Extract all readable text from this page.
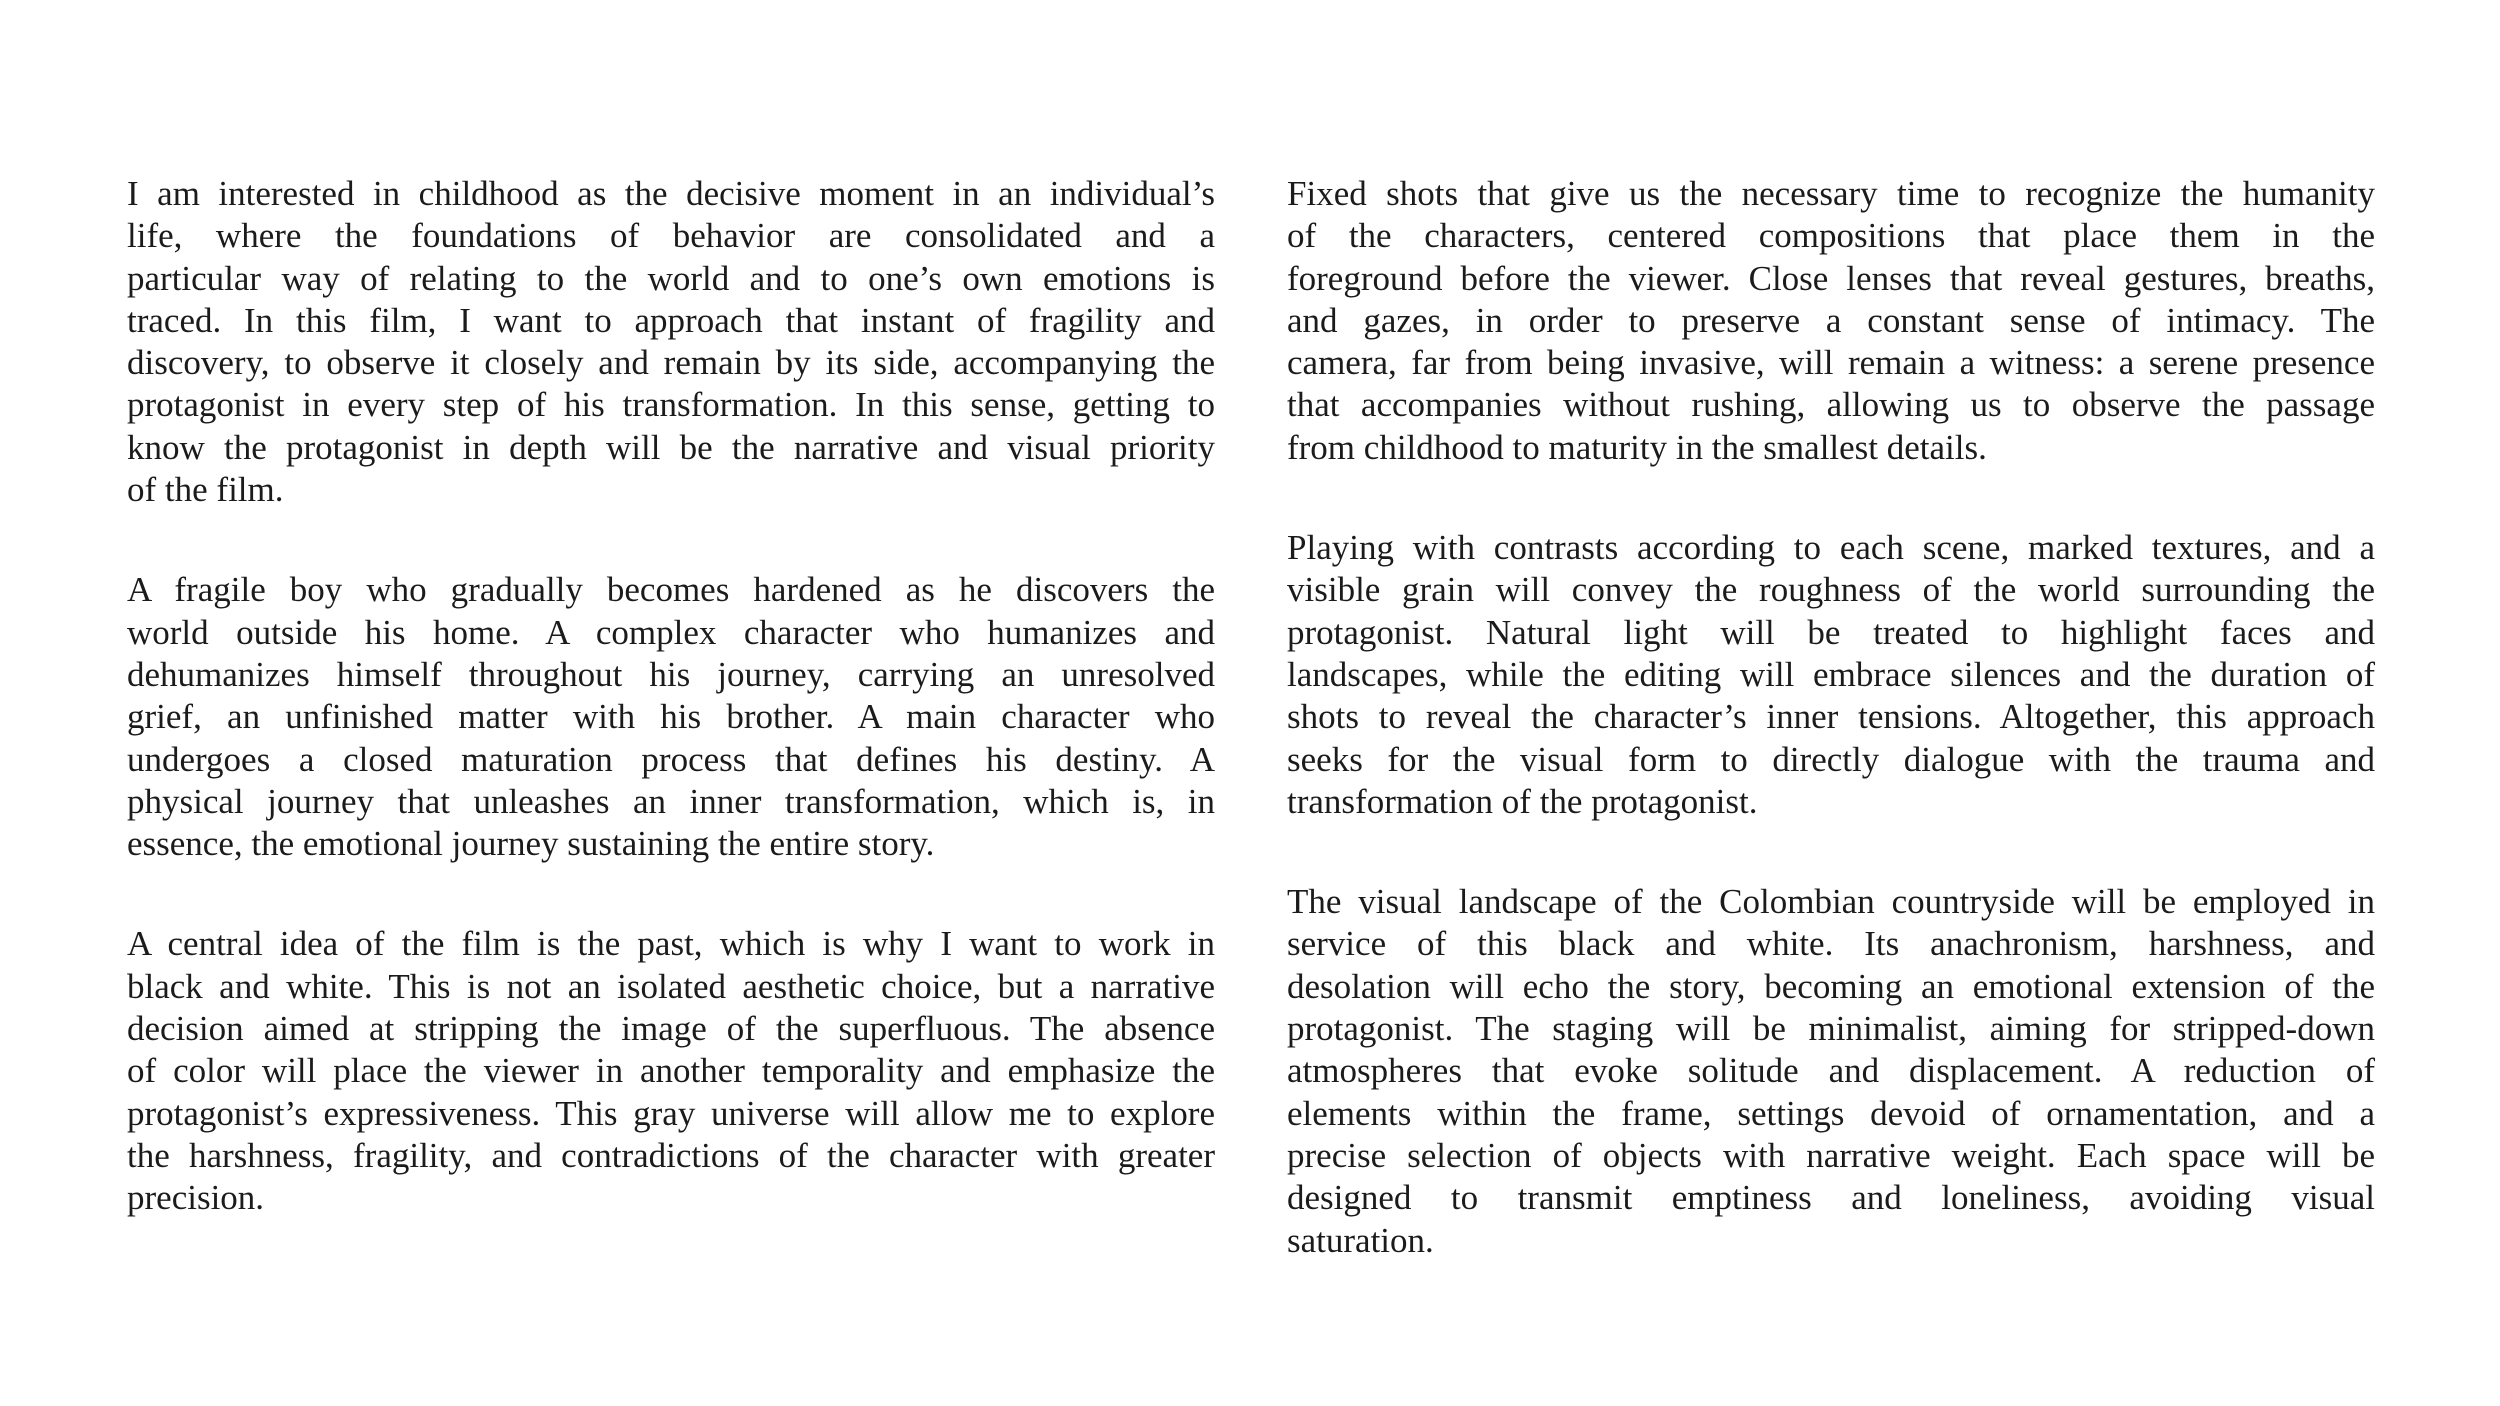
I am interested in childhood as the decisive moment in an individual’s
life, where the foundations of behavior are consolidated and a
particular way of relating to the world and to one’s own emotions is
traced. In this film, I want to approach that instant of fragility and
discovery, to observe it closely and remain by its side, accompanying the
protagonist in every step of his transformation. In this sense, getting to
know the protagonist in depth will be the narrative and visual priority
of the film.

A fragile boy who gradually becomes hardened as he discovers the
world outside his home. A complex character who humanizes and
dehumanizes himself throughout his journey, carrying an unresolved
grief, an unfinished matter with his brother. A main character who
undergoes a closed maturation process that defines his destiny. A
physical journey that unleashes an inner transformation, which is, in
essence, the emotional journey sustaining the entire story.

A central idea of the film is the past, which is why I want to work in
black and white. This is not an isolated aesthetic choice, but a narrative
decision aimed at stripping the image of the superfluous. The absence
of color will place the viewer in another temporality and emphasize the
protagonist’s expressiveness. This gray universe will allow me to explore
the harshness, fragility, and contradictions of the character with greater
precision.

Fixed shots that give us the necessary time to recognize the humanity
of the characters, centered compositions that place them in the
foreground before the viewer. Close lenses that reveal gestures, breaths,
and gazes, in order to preserve a constant sense of intimacy. The
camera, far from being invasive, will remain a witness: a serene presence
that accompanies without rushing, allowing us to observe the passage
from childhood to maturity in the smallest details.

Playing with contrasts according to each scene, marked textures, and a
visible grain will convey the roughness of the world surrounding the
protagonist. Natural light will be treated to highlight faces and
landscapes, while the editing will embrace silences and the duration of
shots to reveal the character’s inner tensions. Altogether, this approach
seeks for the visual form to directly dialogue with the trauma and
transformation of the protagonist.

The visual landscape of the Colombian countryside will be employed in
service of this black and white. Its anachronism, harshness, and
desolation will echo the story, becoming an emotional extension of the
protagonist. The staging will be minimalist, aiming for stripped-down
atmospheres that evoke solitude and displacement. A reduction of
elements within the frame, settings devoid of ornamentation, and a
precise selection of objects with narrative weight. Each space will be
designed to transmit emptiness and loneliness, avoiding visual
saturation.
